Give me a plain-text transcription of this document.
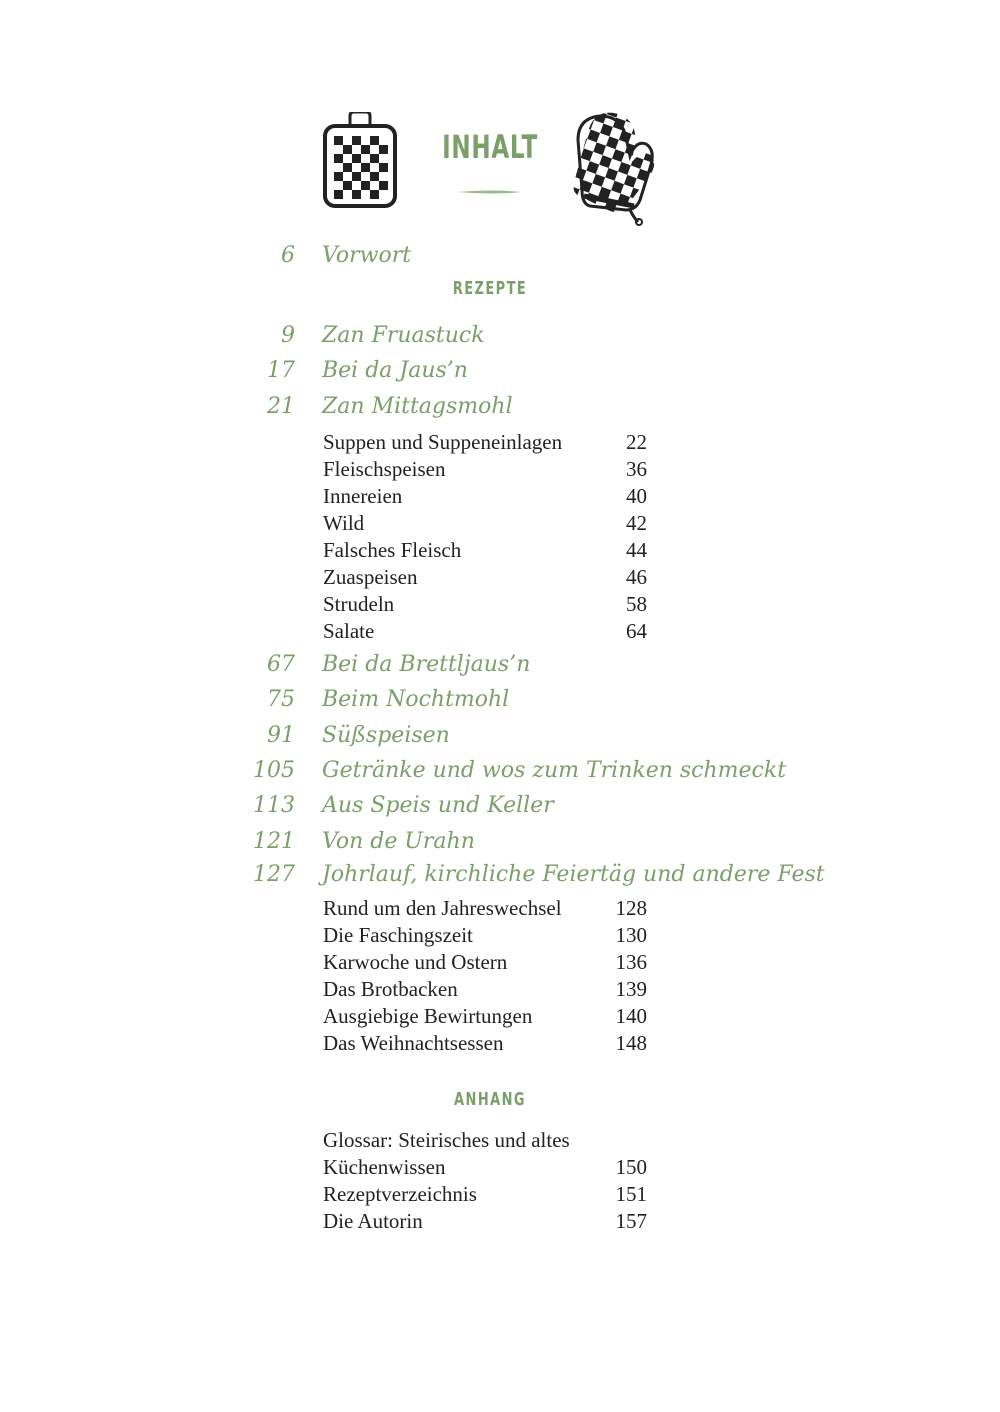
INHALT
6 Vorwort
REZEPTE
9 Zan Fruastuck
17 Bei da Jaus’n
21 Zan Mittagsmohl
Suppen und Suppeneinlagen	22
Fleischspeisen	36
Innereien	40
Wild	42
Falsches Fleisch	44
Zuaspeisen	46
Strudeln	58
Salate	64
67 Bei da Brettljaus’n
75 Beim Nochtmohl
91 Süßspeisen
105 Getränke und wos zum Trinken schmeckt
113 Aus Speis und Keller
121 Von de Urahn
127 Johrlauf, kirchliche Feiertäg und andere Fest
Rund um den Jahreswechsel	128
Die Faschingszeit	130
Karwoche und Ostern	136
Das Brotbacken	139
Ausgiebige Bewirtungen	140
Das Weihnachtsessen	148
ANHANG
Glossar: Steirisches und altes
Küchenwissen	150
Rezeptverzeichnis	151
Die Autorin	157
